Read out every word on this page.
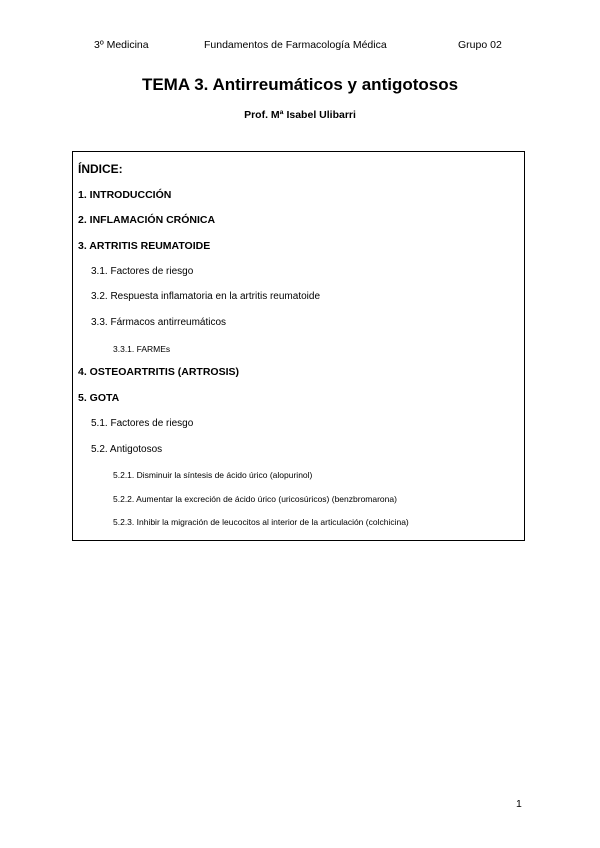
3º Medicina	Fundamentos de Farmacología Médica	Grupo 02
TEMA 3. Antirreumáticos y antigotosos
Prof. Mª Isabel Ulibarri
ÍNDICE:
1. INTRODUCCIÓN
2. INFLAMACIÓN CRÓNICA
3. ARTRITIS REUMATOIDE
3.1. Factores de riesgo
3.2. Respuesta inflamatoria en la artritis reumatoide
3.3. Fármacos antirreumáticos
3.3.1. FARMEs
4. OSTEOARTRITIS (ARTROSIS)
5. GOTA
5.1. Factores de riesgo
5.2. Antigotosos
5.2.1. Disminuir la síntesis de ácido úrico (alopurinol)
5.2.2. Aumentar la excreción de ácido úrico (uricosúricos) (benzbromarona)
5.2.3. Inhibir la migración de leucocitos al interior de la articulación (colchicina)
1
